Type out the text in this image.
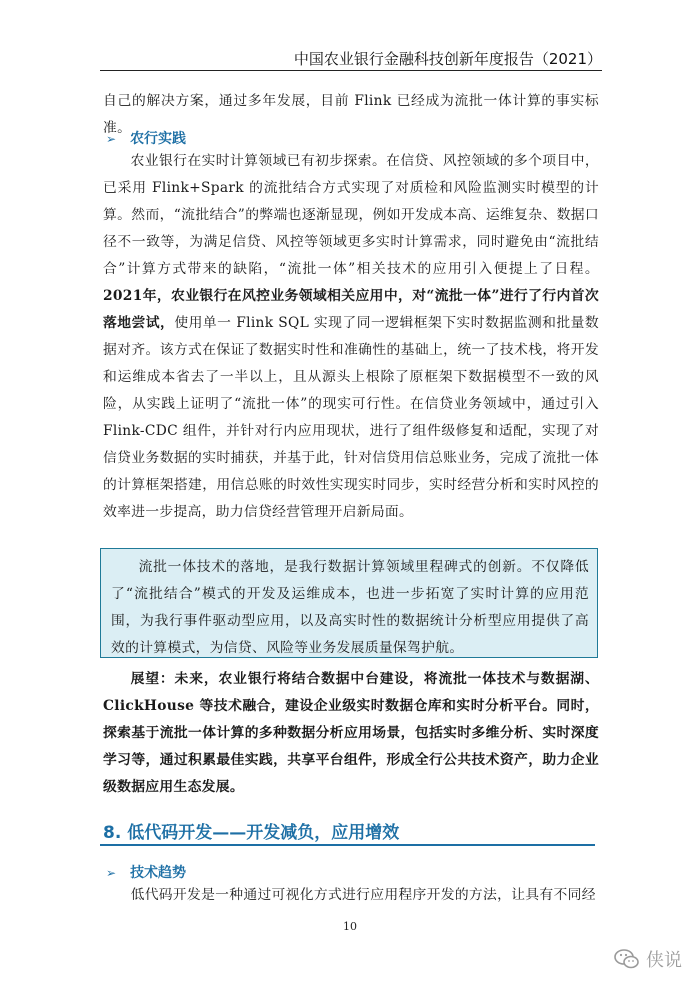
中国农业银行金融科技创新年度报告（2021）
自己的解决方案，通过多年发展，目前 Flink 已经成为流批一体计算的事实标准。
➢ 农行实践
农业银行在实时计算领域已有初步探索。在信贷、风控领域的多个项目中，已采用 Flink+Spark 的流批结合方式实现了对质检和风险监测实时模型的计算。然而，“流批结合”的弊端也逐渐显现，例如开发成本高、运维复杂、数据口径不一致等，为满足信贷、风控等领域更多实时计算需求，同时避免由“流批结合”计算方式带来的缺陷，“流批一体”相关技术的应用引入便提上了日程。2021年，农业银行在风控业务领域相关应用中，对“流批一体”进行了行内首次落地尝试，使用单一 Flink SQL 实现了同一逻辑框架下实时数据监测和批量数据对齐。该方式在保证了数据实时性和准确性的基础上，统一了技术栈，将开发和运维成本省去了一半以上，且从源头上根除了原框架下数据模型不一致的风险，从实践上证明了“流批一体”的现实可行性。在信贷业务领域中，通过引入 Flink-CDC 组件，并针对行内应用现状，进行了组件级修复和适配，实现了对信贷业务数据的实时捕获，并基于此，针对信贷用信总账业务，完成了流批一体的计算框架搭建，用信总账的时效性实现实时同步，实时经营分析和实时风控的效率进一步提高，助力信贷经营管理开启新局面。
流批一体技术的落地，是我行数据计算领域里程碑式的创新。不仅降低了“流批结合”模式的开发及运维成本，也进一步拓宽了实时计算的应用范围，为我行事件驱动型应用，以及高实时性的数据统计分析型应用提供了高效的计算模式，为信贷、风险等业务发展质量保驾护航。
展望：未来，农业银行将结合数据中台建设，将流批一体技术与数据湖、ClickHouse 等技术融合，建设企业级实时数据仓库和实时分析平台。同时，探索基于流批一体计算的多种数据分析应用场景，包括实时多维分析、实时深度学习等，通过积累最佳实践，共享平台组件，形成全行公共技术资产，助力企业级数据应用生态发展。
8. 低代码开发——开发减负，应用增效
➢ 技术趋势
低代码开发是一种通过可视化方式进行应用程序开发的方法，让具有不同经
10
侠说
